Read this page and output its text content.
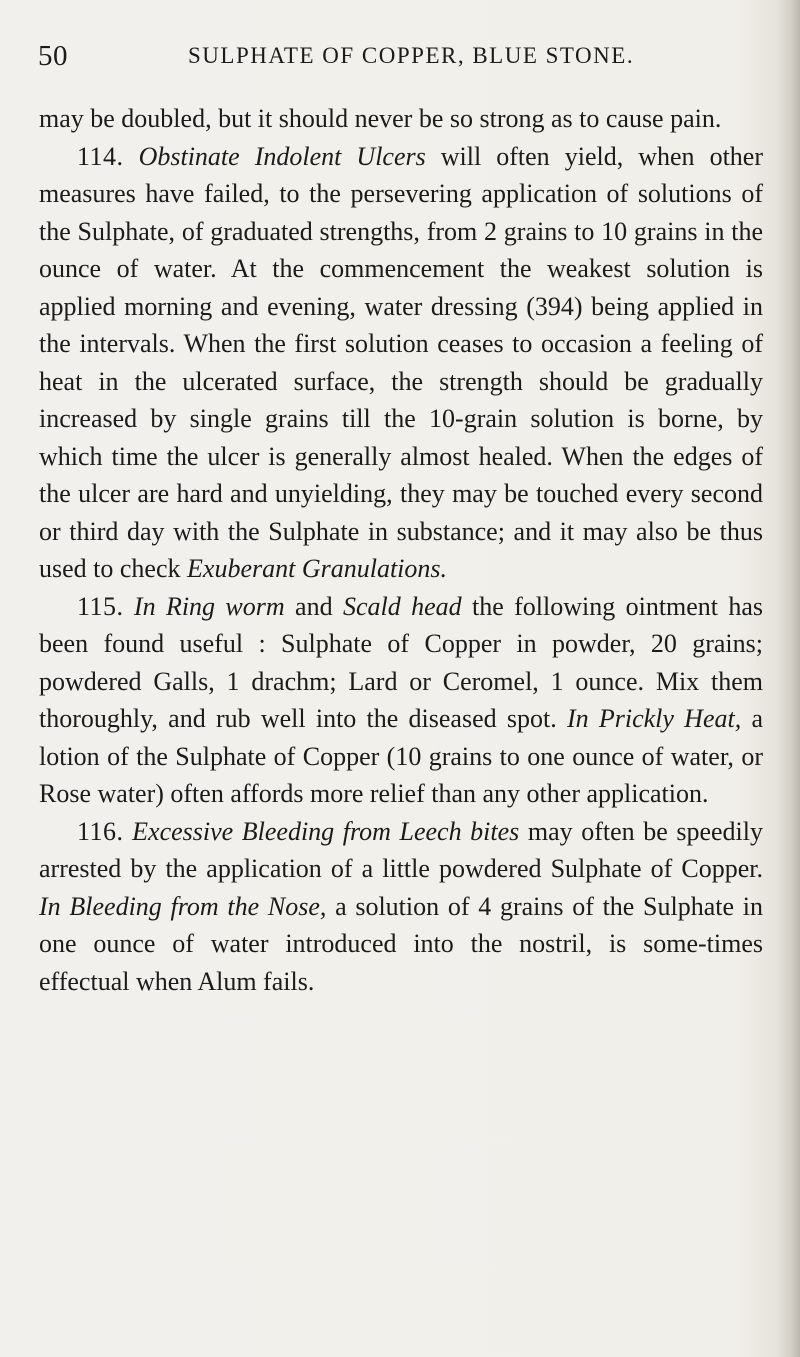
50	SULPHATE OF COPPER, BLUE STONE.

may be doubled, but it should never be so strong as to cause pain.

114. Obstinate Indolent Ulcers will often yield, when other measures have failed, to the persevering application of solutions of the Sulphate, of graduated strengths, from 2 grains to 10 grains in the ounce of water. At the commencement the weakest solution is applied morning and evening, water dressing (394) being applied in the intervals. When the first solution ceases to occasion a feeling of heat in the ulcerated surface, the strength should be gradually increased by single grains till the 10-grain solution is borne, by which time the ulcer is generally almost healed. When the edges of the ulcer are hard and unyielding, they may be touched every second or third day with the Sulphate in substance; and it may also be thus used to check Exuberant Granulations.

115. In Ring worm and Scald head the following ointment has been found useful : Sulphate of Copper in powder, 20 grains; powdered Galls, 1 drachm; Lard or Ceromel, 1 ounce. Mix them thoroughly, and rub well into the diseased spot. In Prickly Heat, a lotion of the Sulphate of Copper (10 grains to one ounce of water, or Rose water) often affords more relief than any other application.

116. Excessive Bleeding from Leech bites may often be speedily arrested by the application of a little powdered Sulphate of Copper. In Bleeding from the Nose, a solution of 4 grains of the Sulphate in one ounce of water introduced into the nostril, is some-times effectual when Alum fails.
